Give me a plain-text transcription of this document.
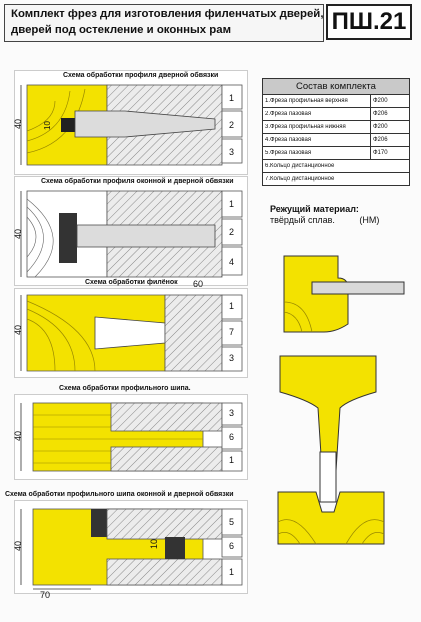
Комплект фрез для изготовления филенчатых дверей,
дверей под остекление и оконных рам	ПШ.21
Схема обработки профиля дверной обвязки
40 10
1
2
3
Схема обработки профиля оконной и дверной обвязки
40
1
2
4
Схема обработки филёнок 60
40
1
7
3
Схема обработки профильного шипа.
40
3
6
1
Схема обработки профильного шипа оконной и дверной обвязки
40	10
5
6
1
70
Состав комплекта
1.Фреза профильная верхняя	Ф200
2.Фреза пазовая	Ф206
3.Фреза профильная нижняя	Ф200
4.Фреза пазовая	Ф206
5.Фреза пазовая	Ф170
6.Кольцо дистанционное
7.Кольцо дистанционное
Режущий материал:
твёрдый сплав.	(HM)
